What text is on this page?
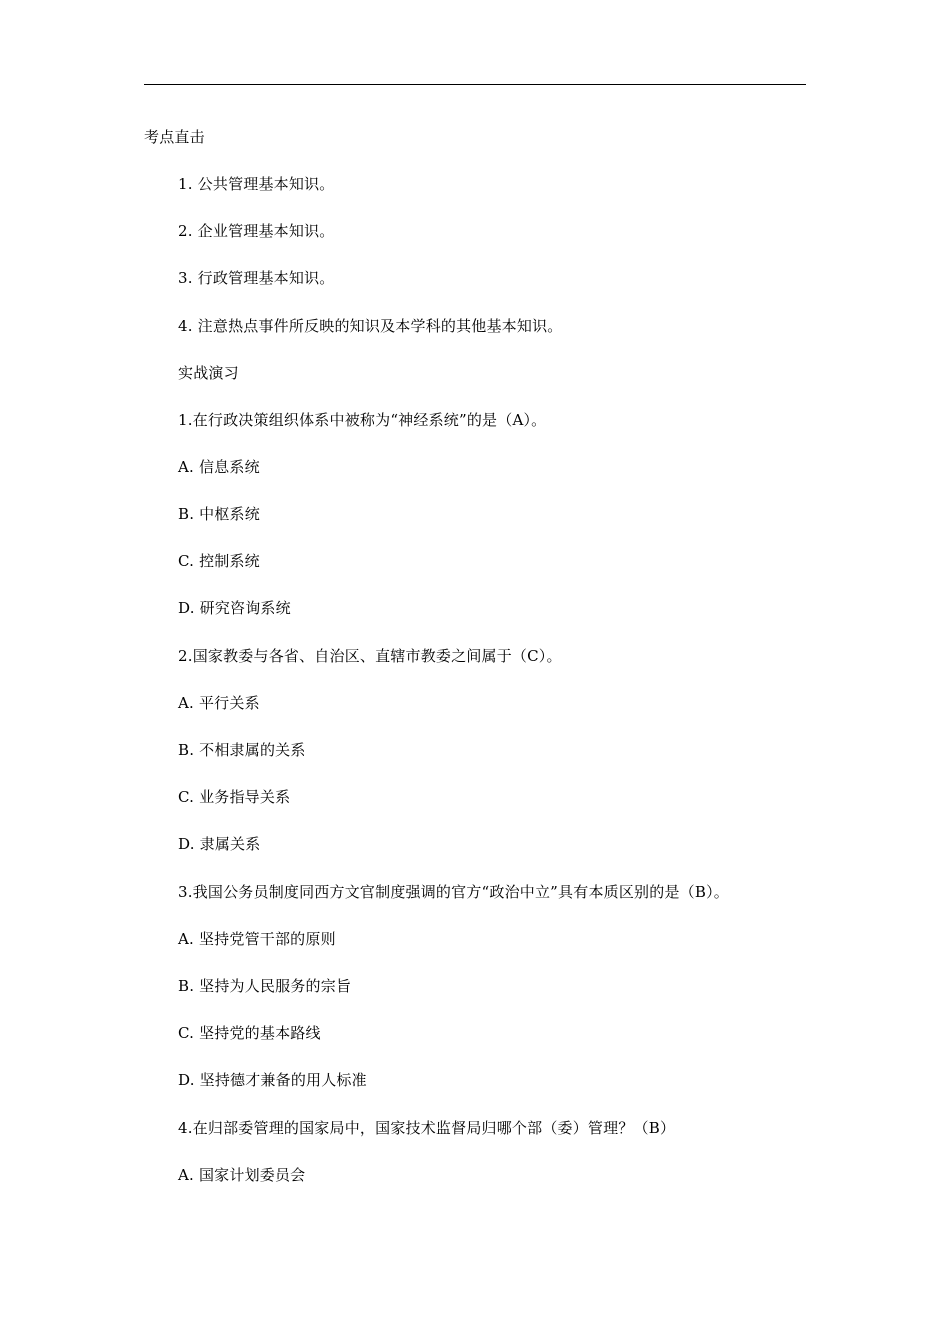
考点直击
1. 公共管理基本知识。
2. 企业管理基本知识。
3. 行政管理基本知识。
4. 注意热点事件所反映的知识及本学科的其他基本知识。
实战演习
1.在行政决策组织体系中被称为“神经系统”的是（A）。
A. 信息系统
B. 中枢系统
C. 控制系统
D. 研究咨询系统
2.国家教委与各省、自治区、直辖市教委之间属于（C）。
A. 平行关系
B. 不相隶属的关系
C. 业务指导关系
D. 隶属关系
3.我国公务员制度同西方文官制度强调的官方“政治中立”具有本质区别的是（B）。
A. 坚持党管干部的原则
B. 坚持为人民服务的宗旨
C. 坚持党的基本路线
D. 坚持德才兼备的用人标准
4.在归部委管理的国家局中，国家技术监督局归哪个部（委）管理？（B）
A. 国家计划委员会
